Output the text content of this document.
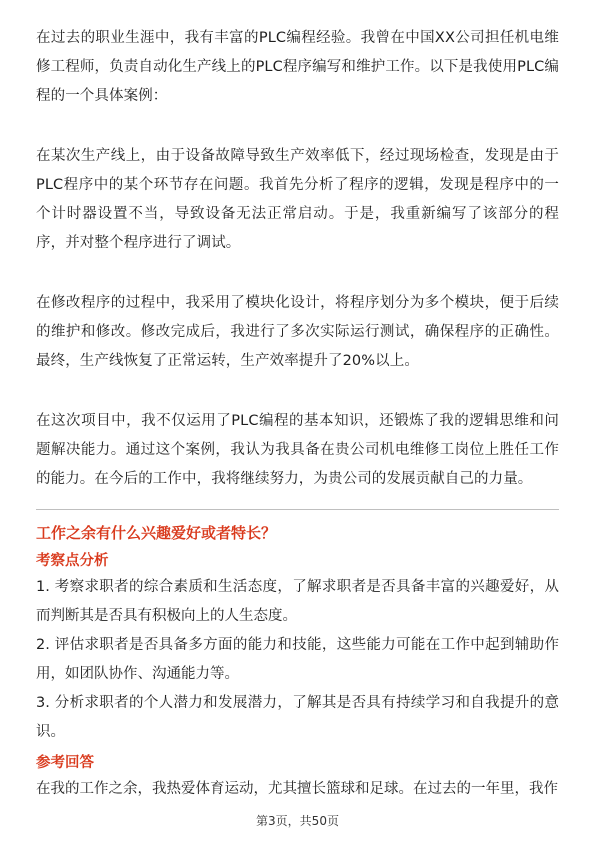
在过去的职业生涯中，我有丰富的PLC编程经验。我曾在中国XX公司担任机电维修工程师，负责自动化生产线上的PLC程序编写和维护工作。以下是我使用PLC编程的一个具体案例：

在某次生产线上，由于设备故障导致生产效率低下，经过现场检查，发现是由于PLC程序中的某个环节存在问题。我首先分析了程序的逻辑，发现是程序中的一个计时器设置不当，导致设备无法正常启动。于是，我重新编写了该部分的程序，并对整个程序进行了调试。

在修改程序的过程中，我采用了模块化设计，将程序划分为多个模块，便于后续的维护和修改。修改完成后，我进行了多次实际运行测试，确保程序的正确性。最终，生产线恢复了正常运转，生产效率提升了20%以上。

在这次项目中，我不仅运用了PLC编程的基本知识，还锻炼了我的逻辑思维和问题解决能力。通过这个案例，我认为我具备在贵公司机电维修工岗位上胜任工作的能力。在今后的工作中，我将继续努力，为贵公司的发展贡献自己的力量。

工作之余有什么兴趣爱好或者特长？

考察点分析

1. 考察求职者的综合素质和生活态度，了解求职者是否具备丰富的兴趣爱好，从而判断其是否具有积极向上的人生态度。

2. 评估求职者是否具备多方面的能力和技能，这些能力可能在工作中起到辅助作用，如团队协作、沟通能力等。

3. 分析求职者的个人潜力和发展潜力，了解其是否具有持续学习和自我提升的意识。

参考回答

在我的工作之余，我热爱体育运动，尤其擅长篮球和足球。在过去的一年里，我作

第3页，共50页
